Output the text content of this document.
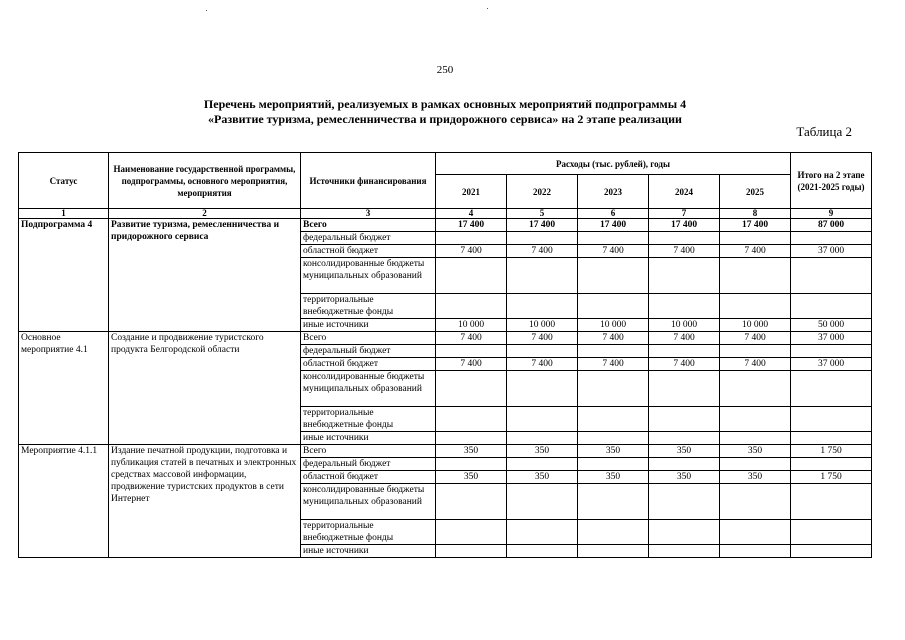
250
Перечень мероприятий, реализуемых в рамках основных мероприятий подпрограммы 4
«Развитие туризма, ремесленничества и придорожного сервиса» на 2 этапе реализации
Таблица 2
Статус	Наименование государственной программы, подпрограммы, основного мероприятия, мероприятия	Источники финансирования	Расходы (тыс. рублей), годы					Итого на 2 этапе (2021-2025 годы)
			2021	2022	2023	2024	2025	
1	2	3	4	5	6	7	8	9
Подпрограмма 4	Развитие туризма, ремесленничества и придорожного сервиса	Всего	17 400	17 400	17 400	17 400	17 400	87 000
		федеральный бюджет						
		областной бюджет	7 400	7 400	7 400	7 400	7 400	37 000
		консолидированные бюджеты муниципальных образований						
		территориальные внебюджетные фонды						
		иные источники	10 000	10 000	10 000	10 000	10 000	50 000
Основное мероприятие 4.1	Создание и продвижение туристского продукта Белгородской области	Всего	7 400	7 400	7 400	7 400	7 400	37 000
		федеральный бюджет						
		областной бюджет	7 400	7 400	7 400	7 400	7 400	37 000
		консолидированные бюджеты муниципальных образований						
		территориальные внебюджетные фонды						
		иные источники						
Мероприятие 4.1.1	Издание печатной продукции, подготовка и публикация статей в печатных и электронных средствах массовой информации, продвижение туристских продуктов в сети Интернет	Всего	350	350	350	350	350	1 750
		федеральный бюджет						
		областной бюджет	350	350	350	350	350	1 750
		консолидированные бюджеты муниципальных образований						
		территориальные внебюджетные фонды						
		иные источники						
